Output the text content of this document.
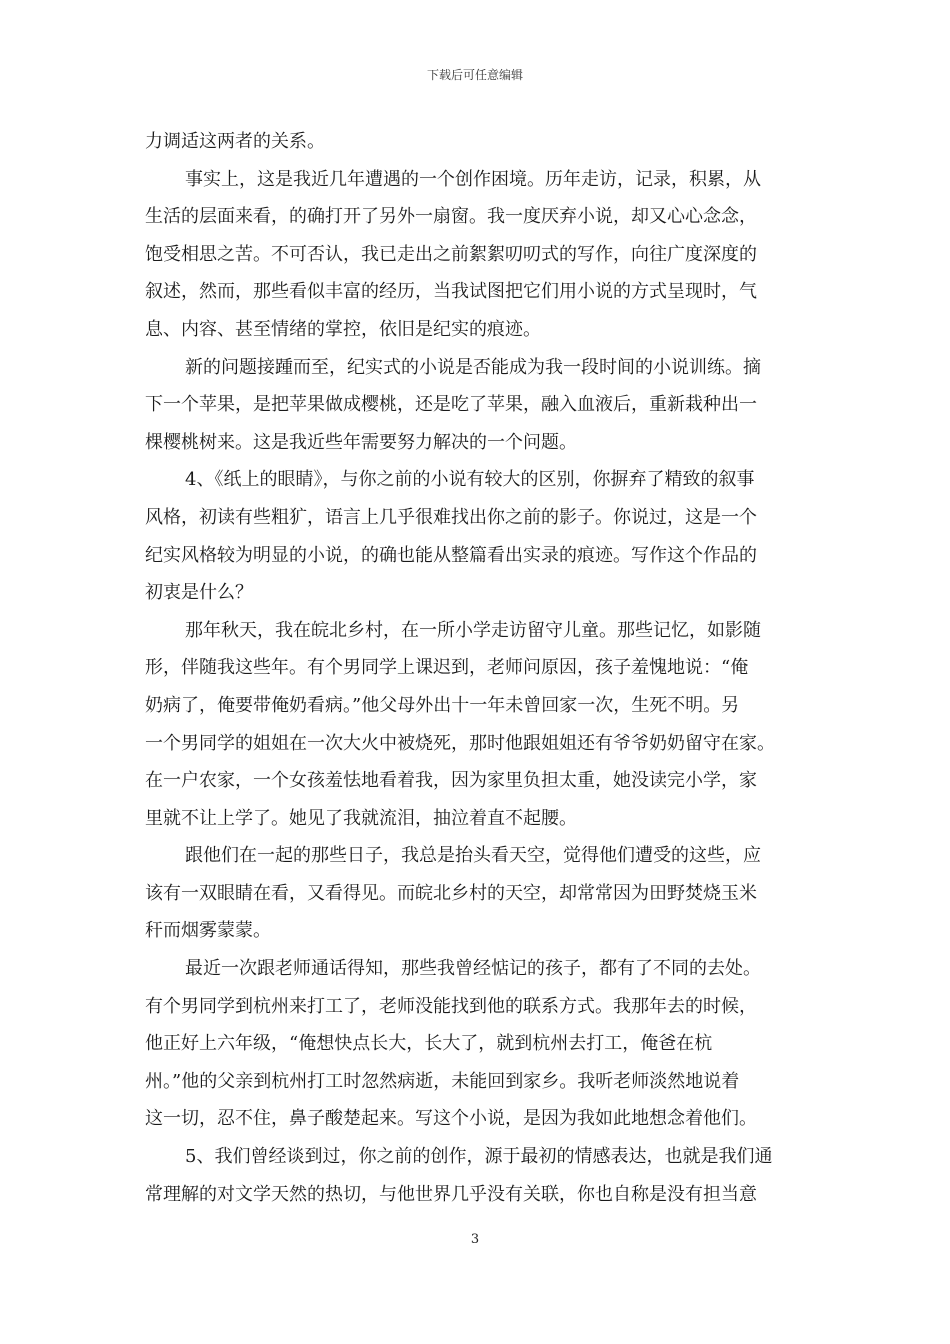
下载后可任意编辑
力调适这两者的关系。
事实上，这是我近几年遭遇的一个创作困境。历年走访，记录，积累，从
生活的层面来看，的确打开了另外一扇窗。我一度厌弃小说，却又心心念念，
饱受相思之苦。不可否认，我已走出之前絮絮叨叨式的写作，向往广度深度的
叙述，然而，那些看似丰富的经历，当我试图把它们用小说的方式呈现时，气
息、内容、甚至情绪的掌控，依旧是纪实的痕迹。
新的问题接踵而至，纪实式的小说是否能成为我一段时间的小说训练。摘
下一个苹果，是把苹果做成樱桃，还是吃了苹果，融入血液后，重新栽种出一
棵樱桃树来。这是我近些年需要努力解决的一个问题。
4、《纸上的眼睛》，与你之前的小说有较大的区别，你摒弃了精致的叙事
风格，初读有些粗犷，语言上几乎很难找出你之前的影子。你说过，这是一个
纪实风格较为明显的小说，的确也能从整篇看出实录的痕迹。写作这个作品的
初衷是什么？
那年秋天，我在皖北乡村，在一所小学走访留守儿童。那些记忆，如影随
形，伴随我这些年。有个男同学上课迟到，老师问原因，孩子羞愧地说：“俺
奶病了，俺要带俺奶看病。”他父母外出十一年未曾回家一次，生死不明。另
一个男同学的姐姐在一次大火中被烧死，那时他跟姐姐还有爷爷奶奶留守在家。
在一户农家，一个女孩羞怯地看着我，因为家里负担太重，她没读完小学，家
里就不让上学了。她见了我就流泪，抽泣着直不起腰。
跟他们在一起的那些日子，我总是抬头看天空，觉得他们遭受的这些，应
该有一双眼睛在看，又看得见。而皖北乡村的天空，却常常因为田野焚烧玉米
秆而烟雾蒙蒙。
最近一次跟老师通话得知，那些我曾经惦记的孩子，都有了不同的去处。
有个男同学到杭州来打工了，老师没能找到他的联系方式。我那年去的时候，
他正好上六年级，“俺想快点长大，长大了，就到杭州去打工，俺爸在杭
州。”他的父亲到杭州打工时忽然病逝，未能回到家乡。我听老师淡然地说着
这一切，忍不住，鼻子酸楚起来。写这个小说，是因为我如此地想念着他们。
5、我们曾经谈到过，你之前的创作，源于最初的情感表达，也就是我们通
常理解的对文学天然的热切，与他世界几乎没有关联，你也自称是没有担当意
3
